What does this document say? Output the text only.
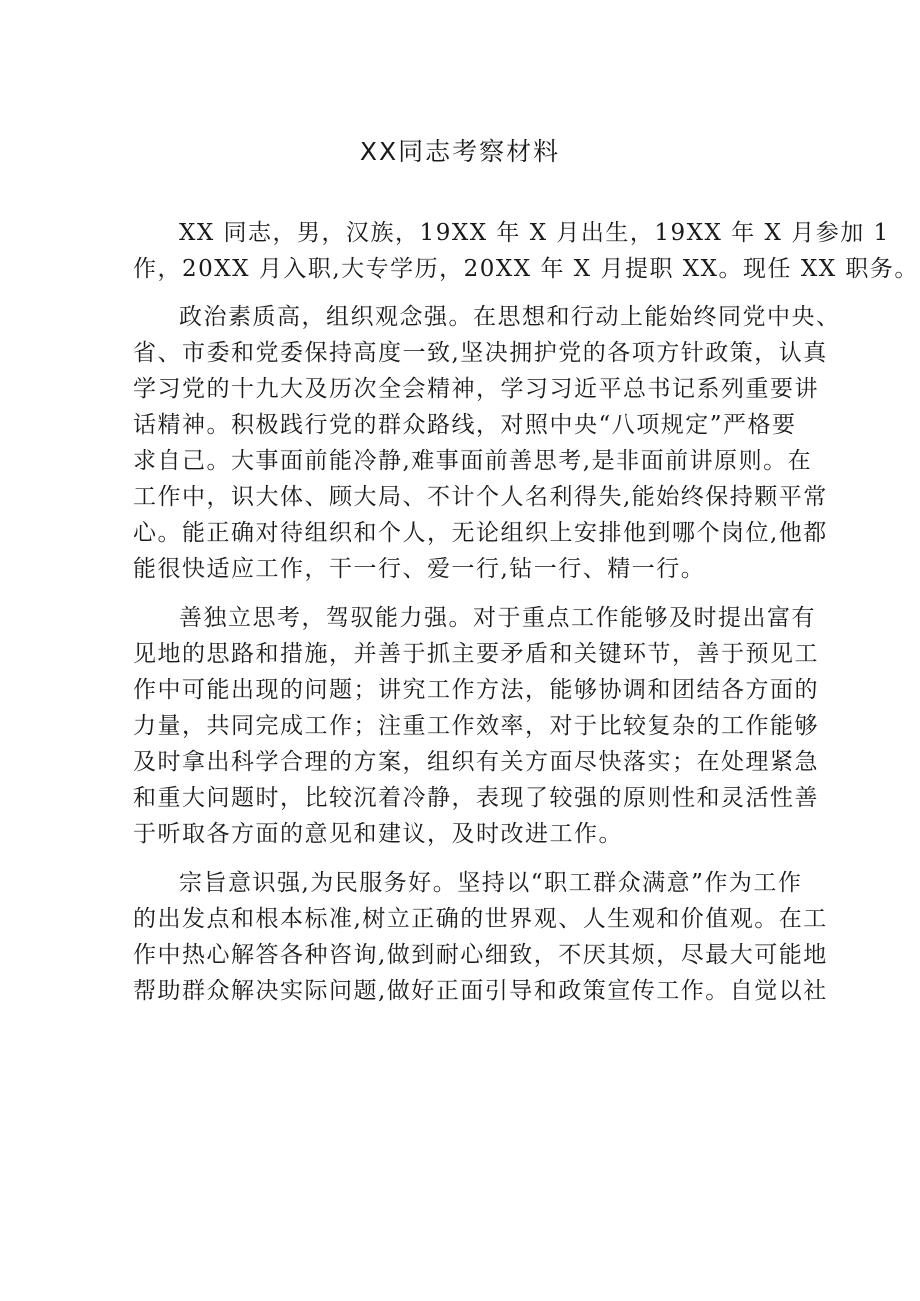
XX同志考察材料
XX 同志，男，汉族，19XX 年 X 月出生，19XX 年 X 月参加 1
作，20XX 月入职,大专学历，20XX 年 X 月提职 XX。现任 XX 职务。
政治素质高，组织观念强。在思想和行动上能始终同党中央、
省、市委和党委保持高度一致,坚决拥护党的各项方针政策，认真
学习党的十九大及历次全会精神，学习习近平总书记系列重要讲
话精神。积极践行党的群众路线，对照中央“八项规定”严格要
求自己。大事面前能冷静,难事面前善思考,是非面前讲原则。在
工作中，识大体、顾大局、不计个人名利得失,能始终保持颗平常
心。能正确对待组织和个人，无论组织上安排他到哪个岗位,他都
能很快适应工作，干一行、爱一行,钻一行、精一行。
善独立思考，驾驭能力强。对于重点工作能够及时提出富有
见地的思路和措施，并善于抓主要矛盾和关键环节，善于预见工
作中可能出现的问题；讲究工作方法，能够协调和团结各方面的
力量，共同完成工作；注重工作效率，对于比较复杂的工作能够
及时拿出科学合理的方案，组织有关方面尽快落实；在处理紧急
和重大问题时，比较沉着冷静，表现了较强的原则性和灵活性善
于听取各方面的意见和建议，及时改进工作。
宗旨意识强,为民服务好。坚持以“职工群众满意”作为工作
的出发点和根本标准,树立正确的世界观、人生观和价值观。在工
作中热心解答各种咨询,做到耐心细致，不厌其烦，尽最大可能地
帮助群众解决实际问题,做好正面引导和政策宣传工作。自觉以社
